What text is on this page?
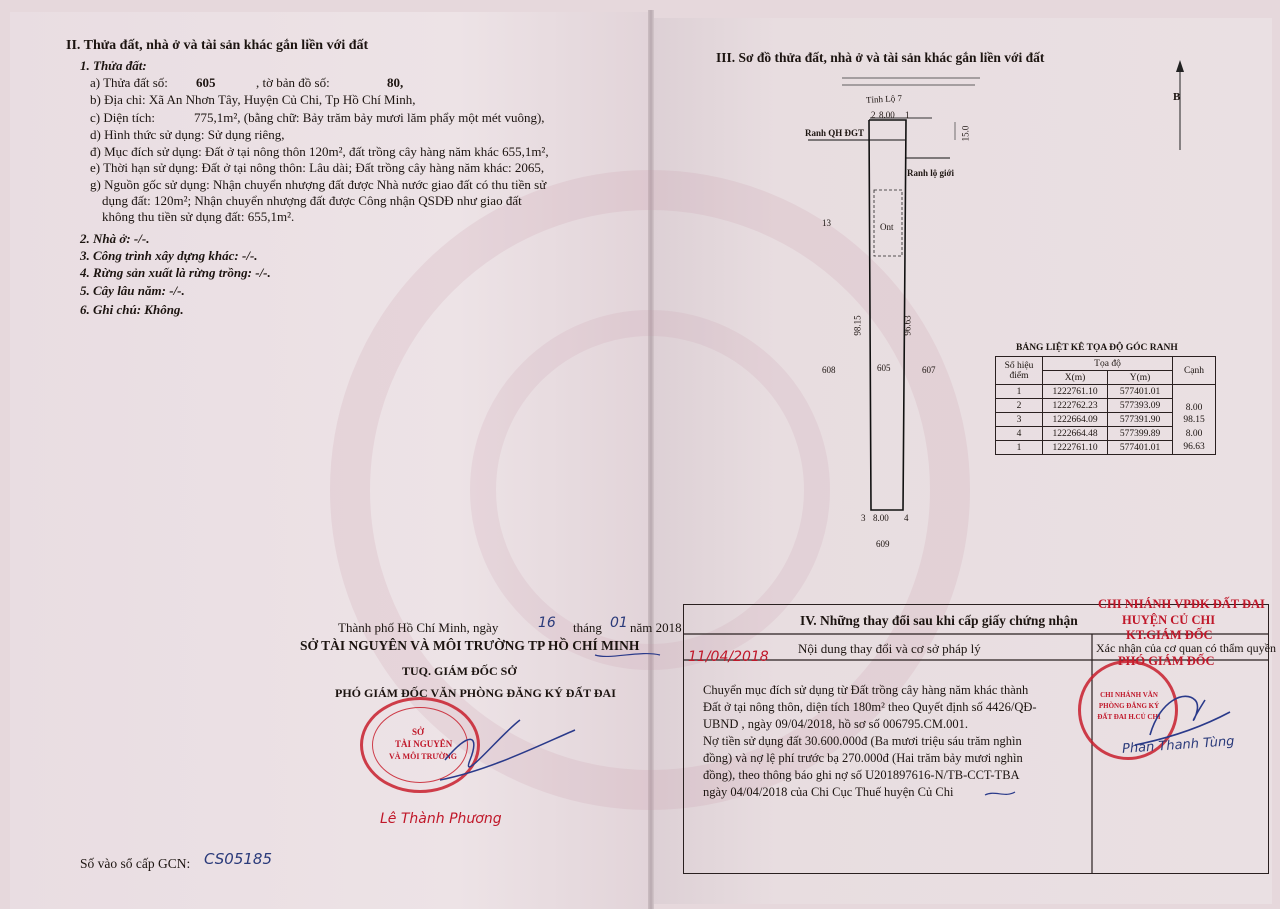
II. Thửa đất, nhà ở và tài sản khác gắn liền với đất
1. Thửa đất:
a) Thửa đất số: 605	, tờ bản đồ số:	80,
b) Địa chỉ: Xã An Nhơn Tây, Huyện Củ Chi, Tp Hồ Chí Minh,
c) Diện tích:	775,1m², (bằng chữ: Bảy trăm bảy mươi lăm phẩy một mét vuông),
d) Hình thức sử dụng: Sử dụng riêng,
đ) Mục đích sử dụng: Đất ở tại nông thôn 120m², đất trồng cây hàng năm khác 655,1m²,
e) Thời hạn sử dụng: Đất ở tại nông thôn: Lâu dài; Đất trồng cây hàng năm khác: 2065,
g) Nguồn gốc sử dụng: Nhận chuyển nhượng đất được Nhà nước giao đất có thu tiền sử
dụng đất: 120m²; Nhận chuyển nhượng đất được Công nhận QSDĐ như giao đất
không thu tiền sử dụng đất: 655,1m².
2. Nhà ở: -/-.
3. Công trình xây dựng khác: -/-.
4. Rừng sản xuất là rừng trồng: -/-.
5. Cây lâu năm: -/-.
6. Ghi chú: Không.
Thành phố Hồ Chí Minh, ngày	16 tháng 01 năm 2018
SỞ TÀI NGUYÊN VÀ MÔI TRƯỜNG TP HỒ CHÍ MINH
TUQ. GIÁM ĐỐC SỞ
PHÓ GIÁM ĐỐC VĂN PHÒNG ĐĂNG KÝ ĐẤT ĐAI
SỞ
TÀI NGUYÊN
VÀ MÔI TRƯỜNG
Lê Thành Phương
Số vào sổ cấp GCN: CS05185
III. Sơ đồ thửa đất, nhà ở và tài sản khác gắn liền với đất
Tỉnh Lộ 7	B
2 8.00 1
15.0
Ranh QH ĐGT
Ranh lộ giới
Ont
13
98.15	96.63
608	605	607
3 8.00 4
609
BẢNG LIỆT KÊ TỌA ĐỘ GÓC RANH
Số hiệu điểm	Tọa độ		Cạnh
	X(m)	Y(m)	
1	1222761.10	577401.01	8.00
2	1222762.23	577393.09	
3	1222664.09	577391.90	98.15
4	1222664.48	577399.89	8.00
1	1222761.10	577401.01	96.63
IV. Những thay đổi sau khi cấp giấy chứng nhận
Nội dung thay đổi và cơ sở pháp lý	Xác nhận của cơ quan có thẩm quyền
11/04/2018
Chuyển mục đích sử dụng từ Đất trồng cây hàng năm khác thành
Đất ở tại nông thôn, diện tích 180m² theo Quyết định số 4426/QĐ-
UBND , ngày 09/04/2018, hồ sơ số 006795.CM.001.
Nợ tiền sử dụng đất 30.600.000đ (Ba mươi triệu sáu trăm nghìn
đồng) và nợ lệ phí trước bạ 270.000đ (Hai trăm bảy mươi nghìn
đồng), theo thông báo ghi nợ số U201897616-N/TB-CCT-TBA
ngày 04/04/2018 của Chi Cục Thuế huyện Củ Chi
CHI NHÁNH VPĐK ĐẤT ĐAI
HUYỆN CỦ CHI
KT.GIÁM ĐỐC
PHÓ GIÁM ĐỐC
CHI NHÁNH VĂN PHÒNG ĐĂNG KÝ ĐẤT ĐAI H.CỦ CHI
Phan Thanh Tùng
